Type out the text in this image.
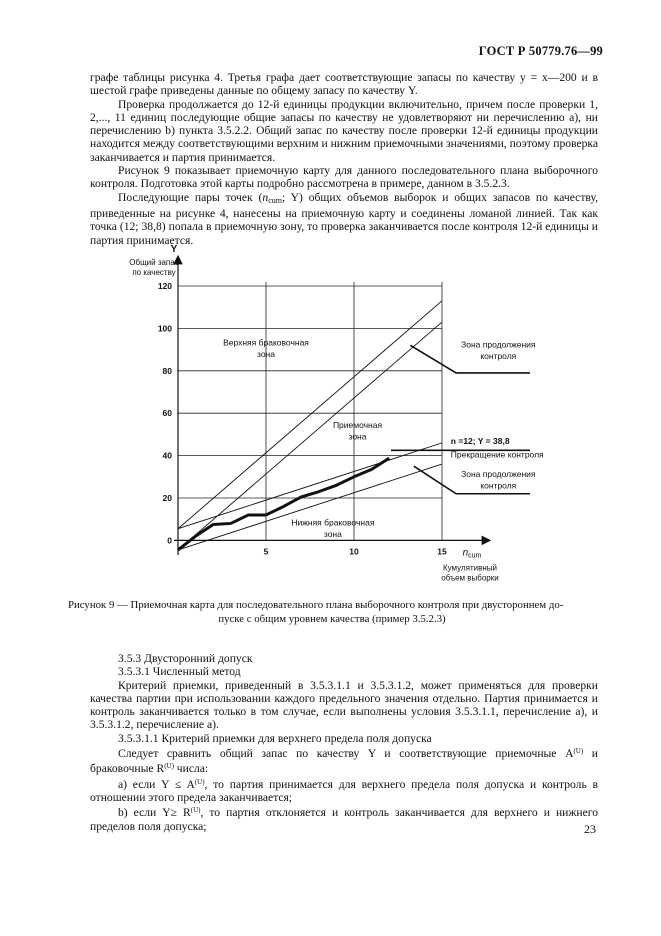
ГОСТ Р 50779.76—99

графе таблицы рисунка 4. Третья графа дает соответствующие запасы по качеству y = x—200 и в шестой графе приведены данные по общему запасу по качеству Y.

Проверка продолжается до 12-й единицы продукции включительно, причем после проверки 1, 2,..., 11 единиц последующие общие запасы по качеству не удовлетворяют ни перечислению а), ни перечислению b) пункта 3.5.2.2. Общий запас по качеству после проверки 12-й единицы продукции находится между соответствующими верхним и нижним приемочными значениями, поэтому проверка заканчивается и партия принимается.

Рисунок 9 показывает приемочную карту для данного последовательного плана выборочного контроля. Подготовка этой карты подробно рассмотрена в примере, данном в 3.5.2.3.

Последующие пары точек ($n_{cum}$; Y) общих объемов выборок и общих запасов по качеству, приведенные на рисунке 4, нанесены на приемочную карту и соединены ломаной линией. Так как точка (12; 38,8) попала в приемочную зону, то проверка заканчивается после контроля 12-й единицы и партия принимается.

0
20
40
60
80
100
120
5	10	15
Y
Общий запас
по качеству
$n_{cum}$
Кумулятивный
объем выборки
Верхняя браковочная
зона
Приемочная
зона
Нижняя браковочная
зона
Зона продолжения
контроля
n =12; Y = 38,8
Прекращение контроля
Зона продолжения
контроля
Рисунок 9 — Приемочная карта для последовательного плана выборочного контроля при двустороннем до-
пуске с общим уровнем качества (пример 3.5.2.3)

3.5.3 Двусторонний допуск

3.5.3.1 Численный метод

Критерий приемки, приведенный в 3.5.3.1.1 и 3.5.3.1.2, может применяться для проверки качества партии при использовании каждого предельного значения отдельно. Партия принимается и контроль заканчивается только в том случае, если выполнены условия 3.5.3.1.1, перечисление а), и 3.5.3.1.2, перечисление а).

3.5.3.1.1 Критерий приемки для верхнего предела поля допуска

Следует сравнить общий запас по качеству Y и соответствующие приемочные $A^{(U)}$ и браковочные $R^{(U)}$ числа:

а) если $Y \le A^{(U)}$, то партия принимается для верхнего предела поля допуска и контроль в отношении этого предела заканчивается;

b) если $Y\ge R^{(U)}$, то партия отклоняется и контроль заканчивается для верхнего и нижнего пределов поля допуска;	23
